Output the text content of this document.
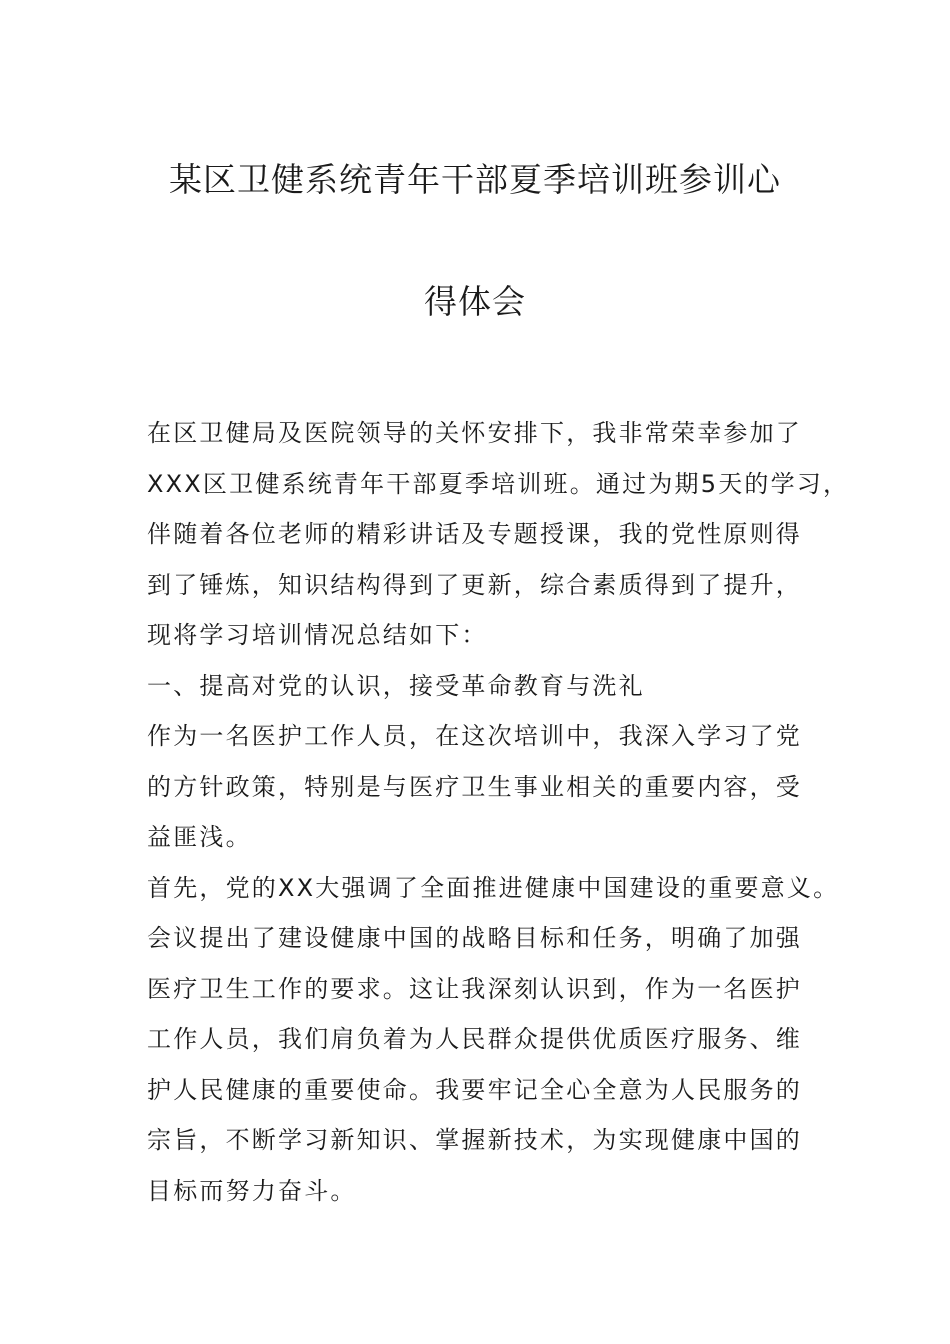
某区卫健系统青年干部夏季培训班参训心
得体会
在区卫健局及医院领导的关怀安排下，我非常荣幸参加了
XXX区卫健系统青年干部夏季培训班。通过为期5天的学习，
伴随着各位老师的精彩讲话及专题授课，我的党性原则得
到了锤炼，知识结构得到了更新，综合素质得到了提升，
现将学习培训情况总结如下：
一、提高对党的认识，接受革命教育与洗礼
作为一名医护工作人员，在这次培训中，我深入学习了党
的方针政策，特别是与医疗卫生事业相关的重要内容，受
益匪浅。
首先，党的XX大强调了全面推进健康中国建设的重要意义。
会议提出了建设健康中国的战略目标和任务，明确了加强
医疗卫生工作的要求。这让我深刻认识到，作为一名医护
工作人员，我们肩负着为人民群众提供优质医疗服务、维
护人民健康的重要使命。我要牢记全心全意为人民服务的
宗旨，不断学习新知识、掌握新技术，为实现健康中国的
目标而努力奋斗。
